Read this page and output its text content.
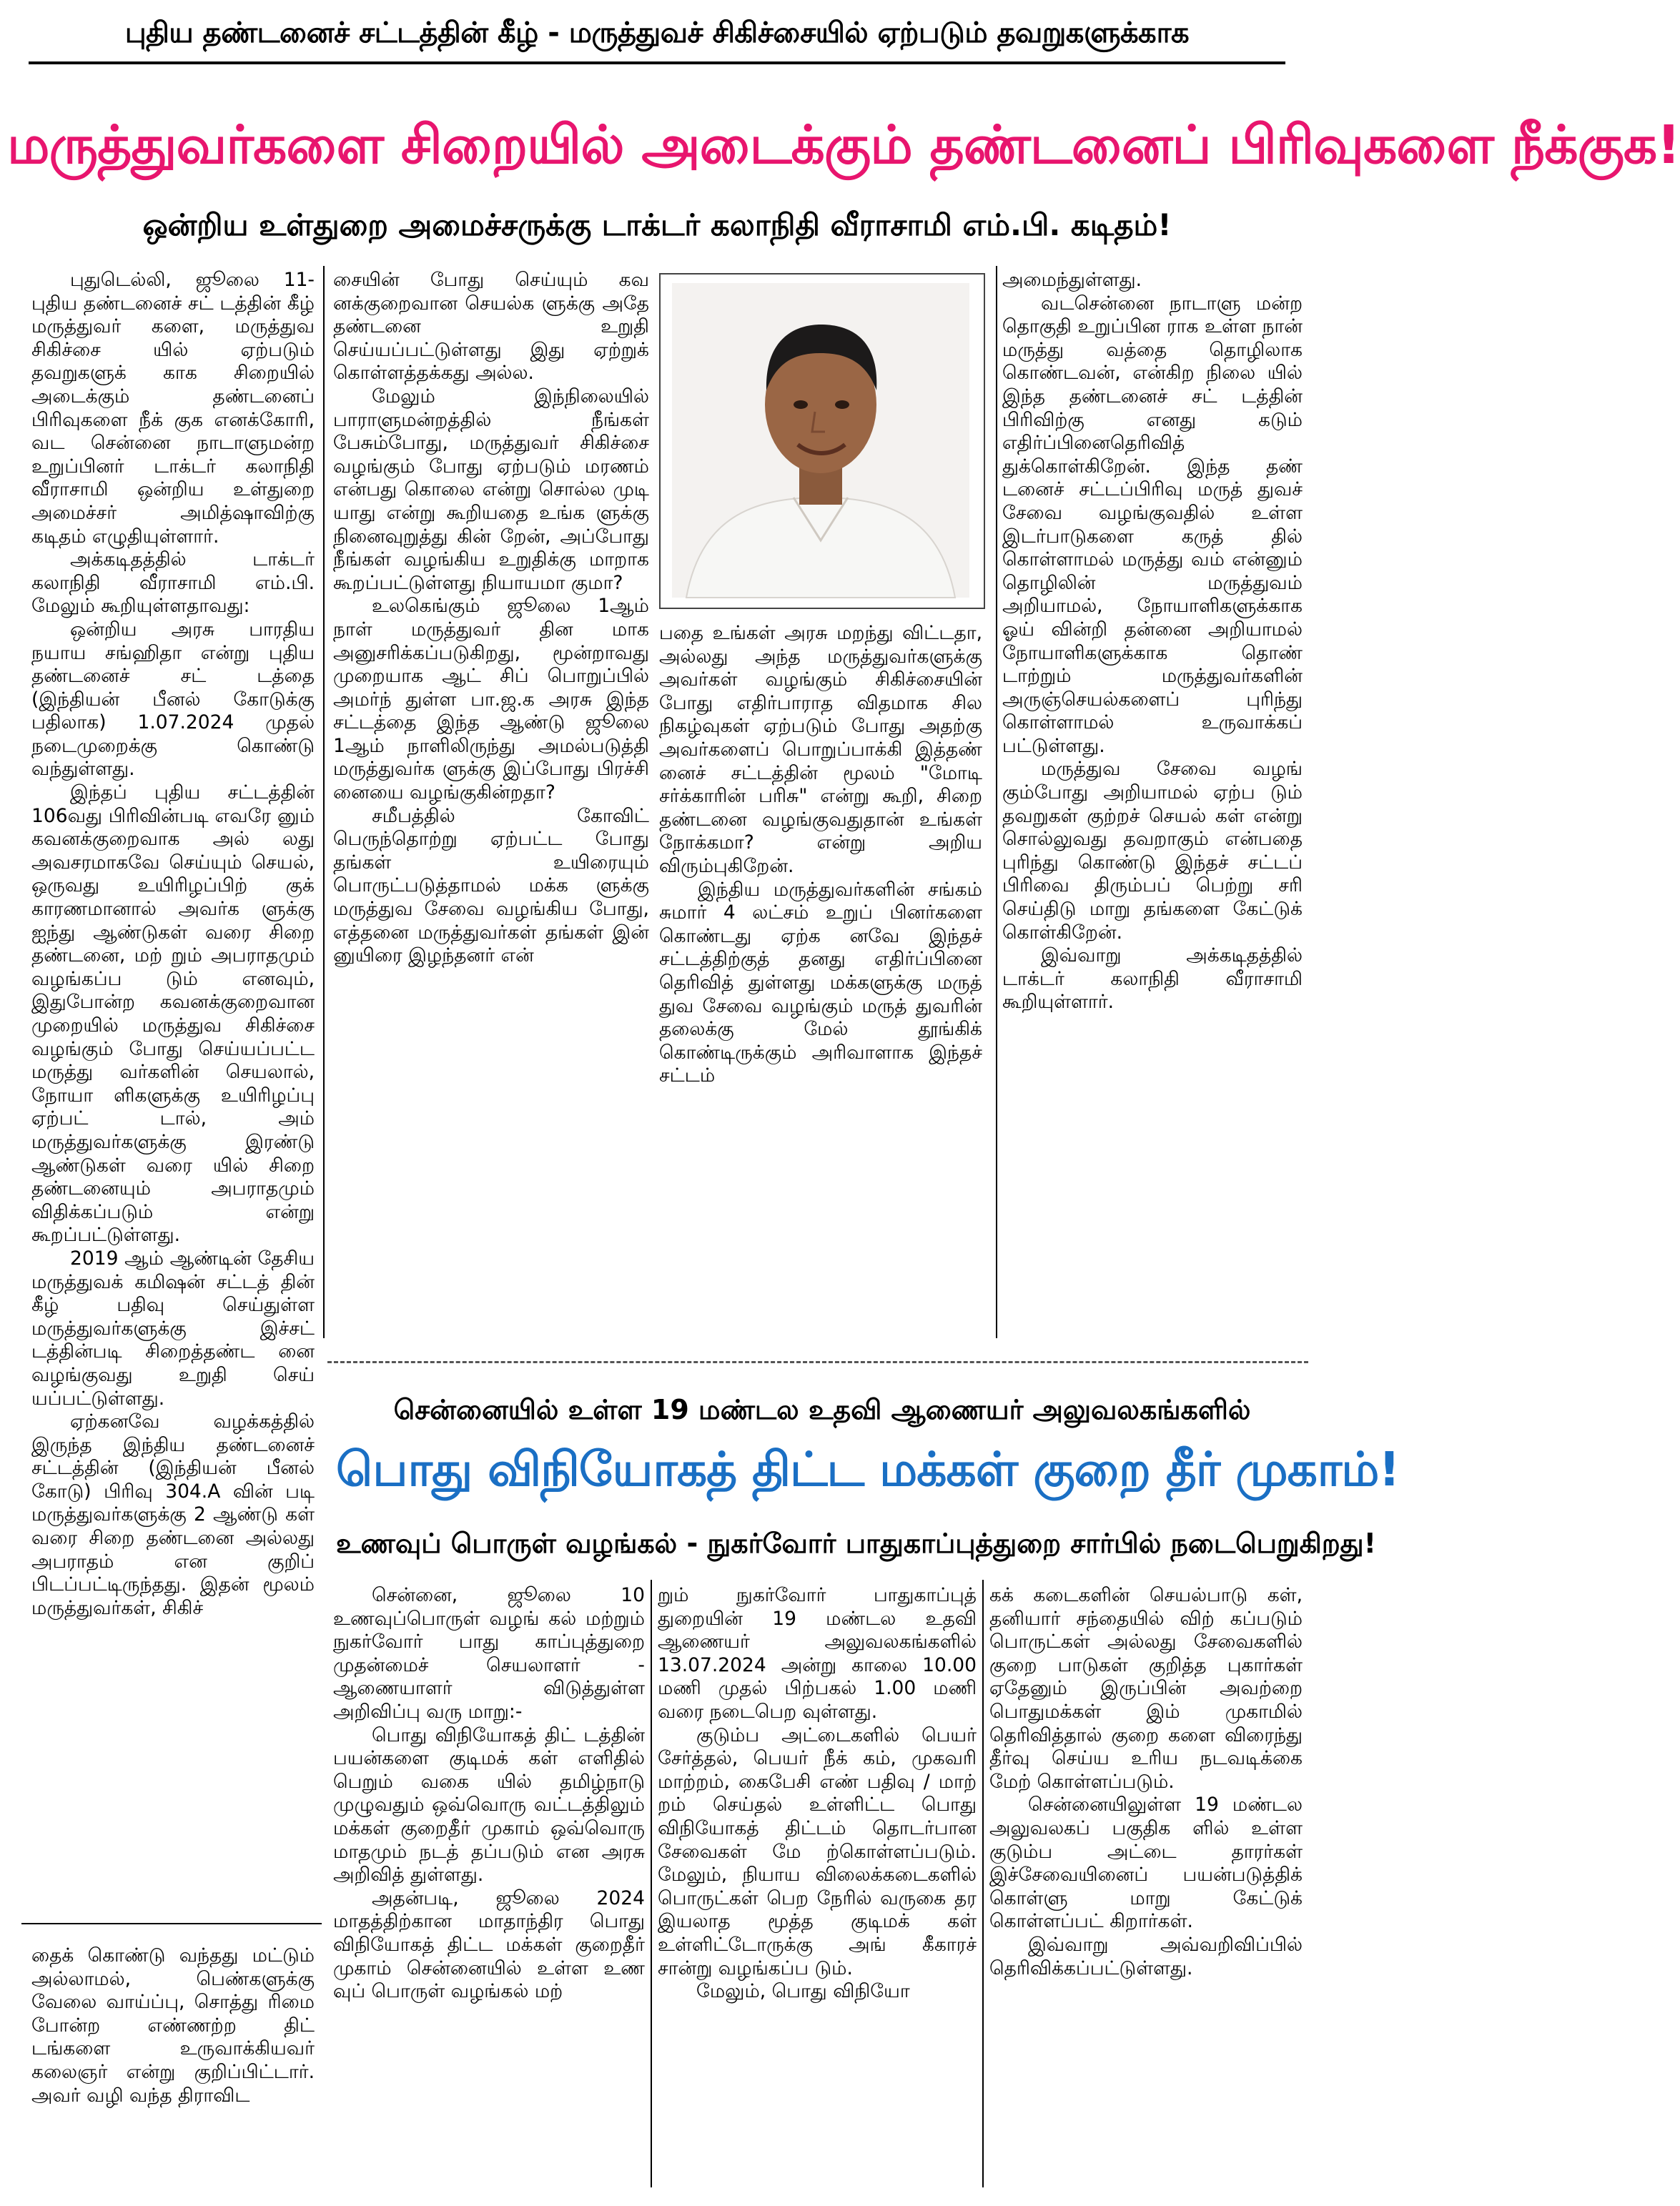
புதிய தண்டனைச் சட்டத்தின் கீழ் - மருத்துவச் சிகிச்சையில் ஏற்படும் தவறுகளுக்காக
மருத்துவர்களை சிறையில் அடைக்கும் தண்டனைப் பிரிவுகளை நீக்குக!
ஒன்றிய உள்துறை அமைச்சருக்கு டாக்டர் கலாநிதி வீராசாமி எம்.பி. கடிதம்!

புதுடெல்லி, ஜூலை 11- புதிய தண்டனைச் சட் டத்தின் கீழ் மருத்துவர் களை, மருத்துவ சிகிச்சை யில் ஏற்படும் தவறுகளுக் காக சிறையில் அடைக்கும் தண்டனைப் பிரிவுகளை நீக் குக எனக்கோரி, வட சென்னை நாடாளுமன்ற உறுப்பினர் டாக்டர் கலாநிதி வீராசாமி ஒன்றிய உள்துறை அமைச்சர் அமித்ஷாவிற்கு கடிதம் எழுதியுள்ளார்.

அக்கடிதத்தில் டாக்டர் கலாநிதி வீராசாமி எம்.பி. மேலும் கூறியுள்ளதாவது:

ஒன்றிய அரசு பாரதிய நயாய சங்ஹிதா என்று புதிய தண்டனைச் சட் டத்தை (இந்தியன் பீனல் கோடுக்கு பதிலாக) 1.07.2024 முதல் நடைமுறைக்கு கொண்டு வந்துள்ளது.

இந்தப் புதிய சட்டத்தின் 106வது பிரிவின்படி எவரே னும் கவனக்குறைவாக அல் லது அவசரமாகவே செய்யும் செயல், ஒருவது உயிரிழப்பிற் குக் காரணமானால் அவர்க ளுக்கு ஐந்து ஆண்டுகள் வரை சிறை தண்டனை, மற் றும் அபராதமும் வழங்கப்ப டும் எனவும், இதுபோன்ற கவனக்குறைவான முறையில் மருத்துவ சிகிச்சை வழங்கும் போது செய்யப்பட்ட மருத்து வர்களின் செயலால், நோயா ளிகளுக்கு உயிரிழப்பு ஏற்பட் டால், அம் மருத்துவர்களுக்கு இரண்டு ஆண்டுகள் வரை யில் சிறை தண்டனையும் அபராதமும் விதிக்கப்படும் என்று கூறப்பட்டுள்ளது.

2019 ஆம் ஆண்டின் தேசிய மருத்துவக் கமிஷன் சட்டத் தின் கீழ் பதிவு செய்துள்ள மருத்துவர்களுக்கு இச்சட் டத்தின்படி சிறைத்தண்ட னை வழங்குவது உறுதி செய் யப்பட்டுள்ளது.

ஏற்கனவே வழக்கத்தில் இருந்த இந்திய தண்டனைச் சட்டத்தின் (இந்தியன் பீனல் கோடு) பிரிவு 304.A வின் படி மருத்துவர்களுக்கு 2 ஆண்டு கள் வரை சிறை தண்டனை அல்லது அபராதம் என குறிப் பிடப்பட்டிருந்தது. இதன் மூலம் மருத்துவர்கள், சிகிச்

தைக் கொண்டு வந்தது மட்டும் அல்லாமல், பெண்களுக்கு வேலை வாய்ப்பு, சொத்து ரிமை போன்ற எண்ணற்ற திட் டங்களை உருவாக்கியவர் கலைஞர் என்று குறிப்பிட்டார். அவர் வழி வந்த திராவிட

சையின் போது செய்யும் கவ னக்குறைவான செயல்க ளுக்கு அதே தண்டனை உறுதி செய்யப்பட்டுள்ளது இது ஏற்றுக் கொள்ளத்தக்கது அல்ல.

மேலும் இந்நிலையில் பாராளுமன்றத்தில் நீங்கள் பேசும்போது, மருத்துவர் சிகிச்சை வழங்கும் போது ஏற்படும் மரணம் என்பது கொலை என்று சொல்ல முடி யாது என்று கூறியதை உங்க ளுக்கு நினைவுறுத்து கின் றேன், அப்போது நீங்கள் வழங்கிய உறுதிக்கு மாறாக கூறப்பட்டுள்ளது நியாயமா குமா?

உலகெங்கும் ஜூலை 1ஆம் நாள் மருத்துவர் தின மாக அனுசரிக்கப்படுகிறது, மூன்றாவது முறையாக ஆட் சிப் பொறுப்பில் அமர்ந் துள்ள பா.ஜ.க அரசு இந்த சட்டத்தை இந்த ஆண்டு ஜூலை 1ஆம் நாளிலிருந்து அமல்படுத்தி மருத்துவர்க ளுக்கு இப்போது பிரச்சி னையை வழங்குகின்றதா?

சமீபத்தில் கோவிட் பெருந்தொற்று ஏற்பட்ட போது தங்கள் உயிரையும் பொருட்படுத்தாமல் மக்க ளுக்கு மருத்துவ சேவை வழங்கிய போது, எத்தனை மருத்துவர்கள் தங்கள் இன் னுயிரை இழந்தனர் என்

பதை உங்கள் அரசு மறந்து விட்டதா, அல்லது அந்த மருத்துவர்களுக்கு அவர்கள் வழங்கும் சிகிச்சையின் போது எதிர்பாராத விதமாக சில நிகழ்வுகள் ஏற்படும் போது அதற்கு அவர்களைப் பொறுப்பாக்கி இத்தண் னைச் சட்டத்தின் மூலம் "மோடி சர்க்காரின் பரிசு" என்று கூறி, சிறை தண்டனை வழங்குவதுதான் உங்கள் நோக்கமா? என்று அறிய விரும்புகிறேன்.

இந்திய மருத்துவர்களின் சங்கம் சுமார் 4 லட்சம் உறுப் பினர்களை கொண்டது ஏற்க னவே இந்தச் சட்டத்திற்குத் தனது எதிர்ப்பினை தெரிவித் துள்ளது மக்களுக்கு மருத் துவ சேவை வழங்கும் மருத் துவரின் தலைக்கு மேல் தூங்கிக் கொண்டிருக்கும் அரிவாளாக இந்தச் சட்டம்

அமைந்துள்ளது.

வடசென்னை நாடாளு மன்ற தொகுதி உறுப்பின ராக உள்ள நான் மருத்து வத்தை தொழிலாக கொண்டவன், என்கிற நிலை யில் இந்த தண்டனைச் சட் டத்தின் பிரிவிற்கு எனது கடும் எதிர்ப்பினைதெரிவித் துக்கொள்கிறேன். இந்த தண் டனைச் சட்டப்பிரிவு மருத் துவச் சேவை வழங்குவதில் உள்ள இடர்பாடுகளை கருத் தில் கொள்ளாமல் மருத்து வம் என்னும் தொழிலின் மருத்துவம் அறியாமல், நோயாளிகளுக்காக ஓய் வின்றி தன்னை அறியாமல் நோயாளிகளுக்காக தொண் டாற்றும் மருத்துவர்களின் அருஞ்செயல்களைப் புரிந்து கொள்ளாமல் உருவாக்கப் பட்டுள்ளது.

மருத்துவ சேவை வழங் கும்போது அறியாமல் ஏற்ப டும் தவறுகள் குற்றச் செயல் கள் என்று சொல்லுவது தவறாகும் என்பதை புரிந்து கொண்டு இந்தச் சட்டப் பிரிவை திரும்பப் பெற்று சரி செய்திடு மாறு தங்களை கேட்டுக் கொள்கிறேன்.

இவ்வாறு அக்கடிதத்தில் டாக்டர் கலாநிதி வீராசாமி கூறியுள்ளார்.

சென்னையில் உள்ள 19 மண்டல உதவி ஆணையர் அலுவலகங்களில்
பொது விநியோகத் திட்ட மக்கள் குறை தீர் முகாம்!
உணவுப் பொருள் வழங்கல் - நுகர்வோர் பாதுகாப்புத்துறை சார்பில் நடைபெறுகிறது!

சென்னை, ஜூலை 10 உணவுப்பொருள் வழங் கல் மற்றும் நுகர்வோர் பாது காப்புத்துறை முதன்மைச் செயலாளர் - ஆணையாளர் விடுத்துள்ள அறிவிப்பு வரு மாறு:-

பொது விநியோகத் திட் டத்தின் பயன்களை குடிமக் கள் எளிதில் பெறும் வகை யில் தமிழ்நாடு முழுவதும் ஒவ்வொரு வட்டத்திலும் மக்கள் குறைதீர் முகாம் ஒவ்வொரு மாதமும் நடத் தப்படும் என அரசு அறிவித் துள்ளது.

அதன்படி, ஜூலை 2024 மாதத்திற்கான மாதாந்திர பொது விநியோகத் திட்ட மக்கள் குறைதீர் முகாம் சென்னையில் உள்ள உண வுப் பொருள் வழங்கல் மற்

றும் நுகர்வோர் பாதுகாப்புத் துறையின் 19 மண்டல உதவி ஆணையர் அலுவலகங்களில் 13.07.2024 அன்று காலை 10.00 மணி முதல் பிற்பகல் 1.00 மணி வரை நடைபெற வுள்ளது.

குடும்ப அட்டைகளில் பெயர் சேர்த்தல், பெயர் நீக் கம், முகவரி மாற்றம், கைபேசி எண் பதிவு / மாற் றம் செய்தல் உள்ளிட்ட பொது விநியோகத் திட்டம் தொடர்பான சேவைகள் மே ற்கொள்ளப்படும். மேலும், நியாய விலைக்கடைகளில் பொருட்கள் பெற நேரில் வருகை தர இயலாத மூத்த குடிமக் கள் உள்ளிட்டோருக்கு அங் கீகாரச் சான்று வழங்கப்ப டும்.

மேலும், பொது விநியோ

கக் கடைகளின் செயல்பாடு கள், தனியார் சந்தையில் விற் கப்படும் பொருட்கள் அல்லது சேவைகளில் குறை பாடுகள் குறித்த புகார்கள் ஏதேனும் இருப்பின் அவற்றை பொதுமக்கள் இம் முகாமில் தெரிவித்தால் குறை களை விரைந்து தீர்வு செய்ய உரிய நடவடிக்கை மேற் கொள்ளப்படும்.

சென்னையிலுள்ள 19 மண்டல அலுவலகப் பகுதிக ளில் உள்ள குடும்ப அட்டை தாரர்கள் இச்சேவையினைப் பயன்படுத்திக் கொள்ளு மாறு கேட்டுக் கொள்ளப்பட் கிறார்கள்.

இவ்வாறு அவ்வறிவிப்பில் தெரிவிக்கப்பட்டுள்ளது.
